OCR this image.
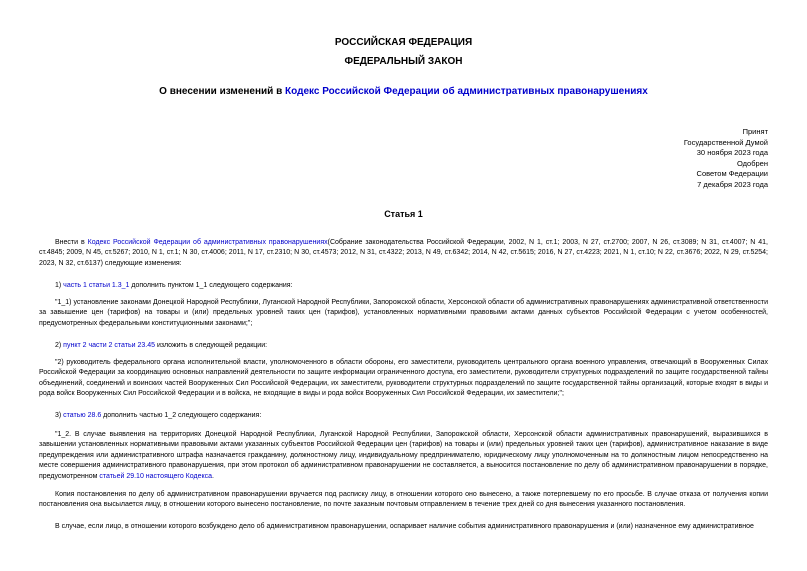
РОССИЙСКАЯ ФЕДЕРАЦИЯ
ФЕДЕРАЛЬНЫЙ ЗАКОН
О внесении изменений в Кодекс Российской Федерации об административных правонарушениях
Принят
Государственной Думой
30 ноября 2023 года
Одобрен
Советом Федерации
7 декабря 2023 года
Статья 1
Внести в Кодекс Российской Федерации об административных правонарушениях(Собрание законодательства Российской Федерации, 2002, N 1, ст.1; 2003, N 27, ст.2700; 2007, N 26, ст.3089; N 31, ст.4007; N 41, ст.4845; 2009, N 45, ст.5267; 2010, N 1, ст.1; N 30, ст.4006; 2011, N 17, ст.2310; N 30, ст.4573; 2012, N 31, ст.4322; 2013, N 49, ст.6342; 2014, N 42, ст.5615; 2016, N 27, ст.4223; 2021, N 1, ст.10; N 22, ст.3676; 2022, N 29, ст.5254; 2023, N 32, ст.6137) следующие изменения:
1) часть 1 статьи 1.3_1 дополнить пунктом 1_1 следующего содержания:
"1_1) установление законами Донецкой Народной Республики, Луганской Народной Республики, Запорожской области, Херсонской области об административных правонарушениях административной ответственности за завышение цен (тарифов) на товары и (или) предельных уровней таких цен (тарифов), установленных нормативными правовыми актами данных субъектов Российской Федерации с учетом особенностей, предусмотренных федеральными конституционными законами;";
2) пункт 2 части 2 статьи 23.45 изложить в следующей редакции:
"2) руководитель федерального органа исполнительной власти, уполномоченного в области обороны, его заместители, руководитель центрального органа военного управления, отвечающий в Вооруженных Силах Российской Федерации за координацию основных направлений деятельности по защите информации ограниченного доступа, его заместители, руководители структурных подразделений по защите государственной тайны объединений, соединений и воинских частей Вооруженных Сил Российской Федерации, их заместители, руководители структурных подразделений по защите государственной тайны организаций, которые входят в виды и рода войск Вооруженных Сил Российской Федерации и в войска, не входящие в виды и рода войск Вооруженных Сил Российской Федерации, их заместители;";
3) статью 28.6 дополнить частью 1_2 следующего содержания:
"1_2. В случае выявления на территориях Донецкой Народной Республики, Луганской Народной Республики, Запорожской области, Херсонской области административных правонарушений, выразившихся в завышении установленных нормативными правовыми актами указанных субъектов Российской Федерации цен (тарифов) на товары и (или) предельных уровней таких цен (тарифов), административное наказание в виде предупреждения или административного штрафа назначается гражданину, должностному лицу, индивидуальному предпринимателю, юридическому лицу уполномоченным на то должностным лицом непосредственно на месте совершения административного правонарушения, при этом протокол об административном правонарушении не составляется, а выносится постановление по делу об административном правонарушении в порядке, предусмотренном статьей 29.10 настоящего Кодекса.
Копия постановления по делу об административном правонарушении вручается под расписку лицу, в отношении которого оно вынесено, а также потерпевшему по его просьбе. В случае отказа от получения копии постановления она высылается лицу, в отношении которого вынесено постановление, по почте заказным почтовым отправлением в течение трех дней со дня вынесения указанного постановления.
В случае, если лицо, в отношении которого возбуждено дело об административном правонарушении, оспаривает наличие события административного правонарушения и (или) назначенное ему административное
